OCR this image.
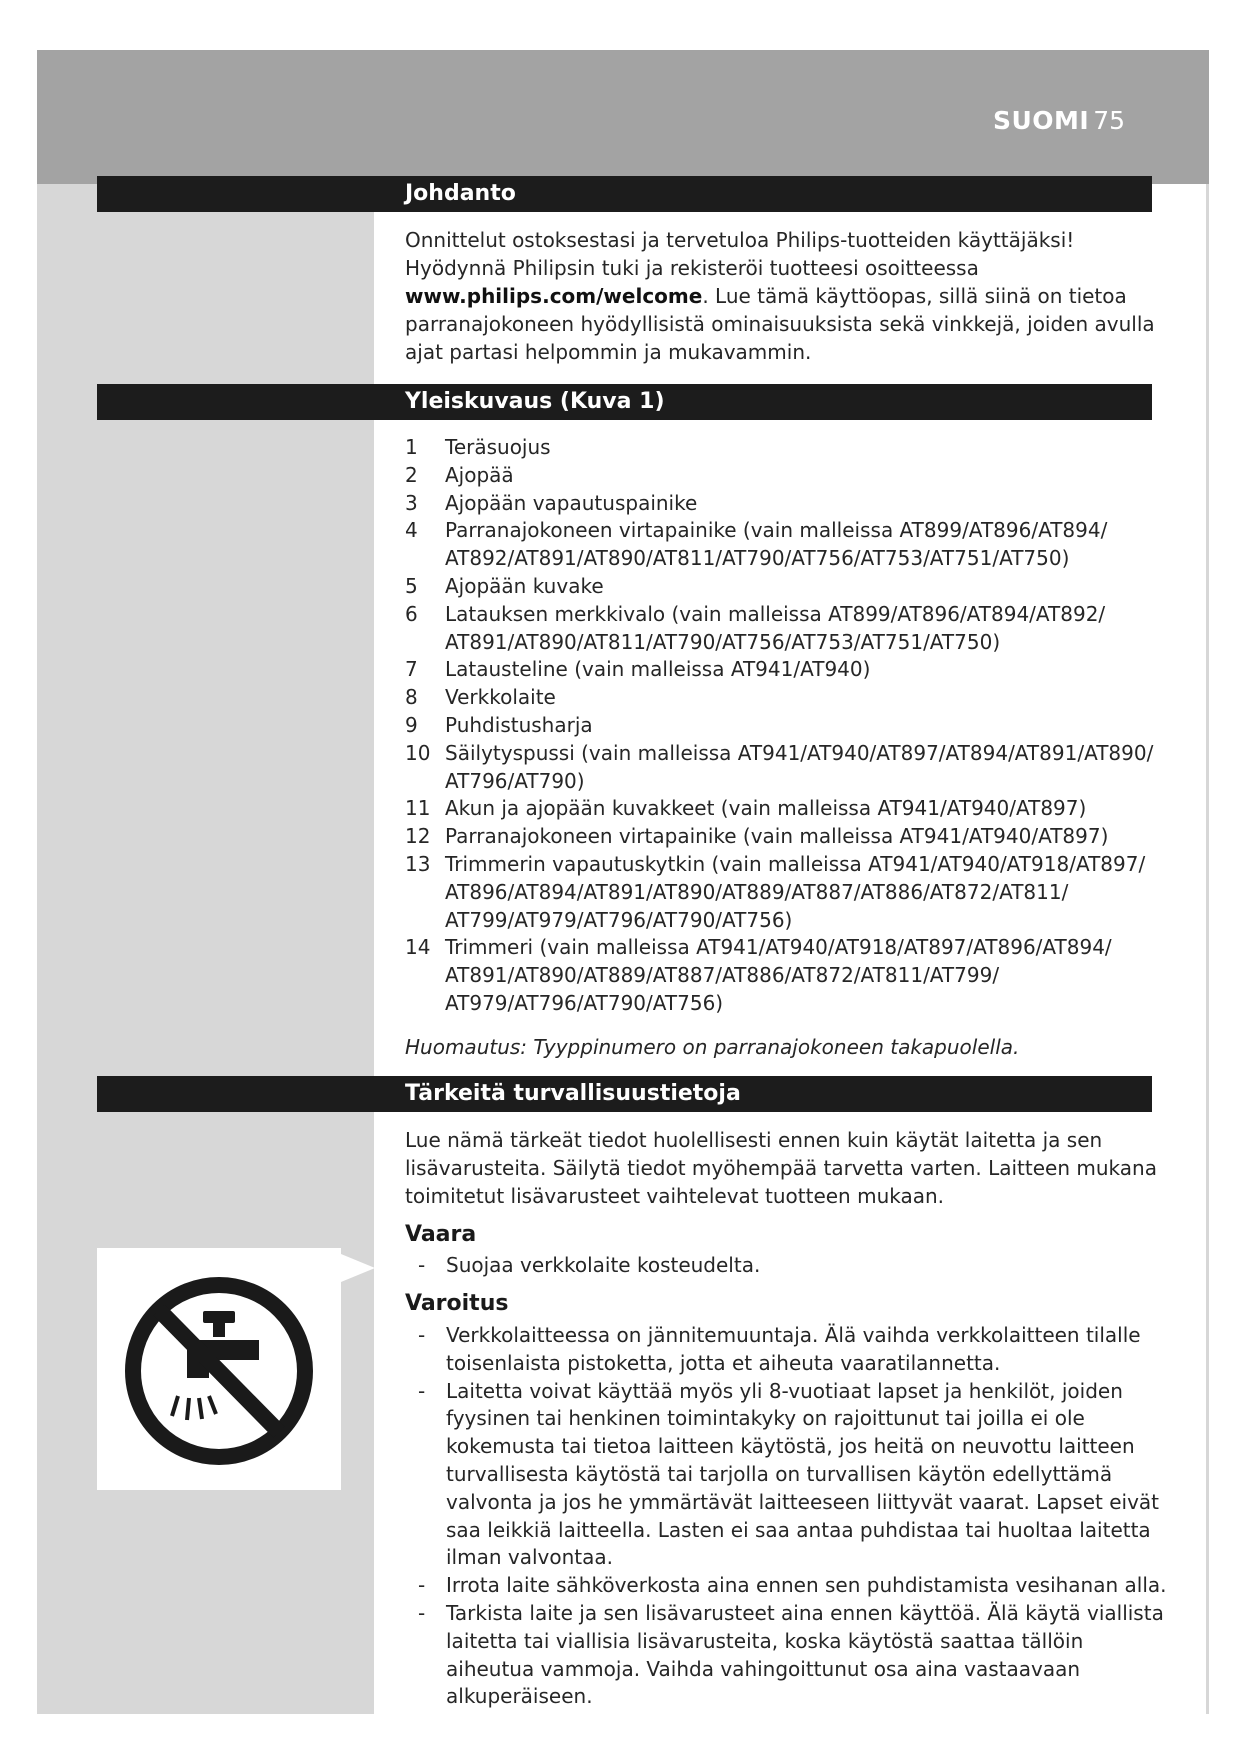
SUOMI 75
Johdanto

Onnittelut ostoksestasi ja tervetuloa Philips-tuotteiden käyttäjäksi!

Hyödynnä Philipsin tuki ja rekisteröi tuotteesi osoitteessa

www.philips.com/welcome. Lue tämä käyttöopas, sillä siinä on tietoa parranajokoneen hyödyllisistä ominaisuuksista sekä vinkkejä, joiden avulla ajat partasi helpommin ja mukavammin.

Yleiskuvaus (Kuva 1)
1 Teräsuojus
2 Ajopää
3 Ajopään vapautuspainike
4 Parranajokoneen virtapainike (vain malleissa AT899/AT896/AT894/ AT892/AT891/AT890/AT811/AT790/AT756/AT753/AT751/AT750)
5 Ajopään kuvake
6 Latauksen merkkivalo (vain malleissa AT899/AT896/AT894/AT892/ AT891/AT890/AT811/AT790/AT756/AT753/AT751/AT750)
7 Latausteline (vain malleissa AT941/AT940)
8 Verkkolaite
9 Puhdistusharja
10 Säilytyspussi (vain malleissa AT941/AT940/AT897/AT894/AT891/AT890/ AT796/AT790)
11 Akun ja ajopään kuvakkeet (vain malleissa AT941/AT940/AT897)
12 Parranajokoneen virtapainike (vain malleissa AT941/AT940/AT897)
13 Trimmerin vapautuskytkin (vain malleissa AT941/AT940/AT918/AT897/ AT896/AT894/AT891/AT890/AT889/AT887/AT886/AT872/AT811/ AT799/AT979/AT796/AT790/AT756)
14 Trimmeri (vain malleissa AT941/AT940/AT918/AT897/AT896/AT894/ AT891/AT890/AT889/AT887/AT886/AT872/AT811/AT799/ AT979/AT796/AT790/AT756)
Huomautus: Tyyppinumero on parranajokoneen takapuolella.
Tärkeitä turvallisuustietoja

Lue nämä tärkeät tiedot huolellisesti ennen kuin käytät laitetta ja sen lisävarusteita. Säilytä tiedot myöhempää tarvetta varten. Laitteen mukana toimitetut lisävarusteet vaihtelevat tuotteen mukaan.

Vaara
- Suojaa verkkolaite kosteudelta.
Varoitus
- Verkkolaitteessa on jännitemuuntaja. Älä vaihda verkkolaitteen tilalle toisenlaista pistoketta, jotta et aiheuta vaaratilannetta.
- Laitetta voivat käyttää myös yli 8-vuotiaat lapset ja henkilöt, joiden fyysinen tai henkinen toimintakyky on rajoittunut tai joilla ei ole kokemusta tai tietoa laitteen käytöstä, jos heitä on neuvottu laitteen turvallisesta käytöstä tai tarjolla on turvallisen käytön edellyttämä valvonta ja jos he ymmärtävät laitteeseen liittyvät vaarat. Lapset eivät saa leikkiä laitteella. Lasten ei saa antaa puhdistaa tai huoltaa laitetta ilman valvontaa.
- Irrota laite sähköverkosta aina ennen sen puhdistamista vesihanan alla.
- Tarkista laite ja sen lisävarusteet aina ennen käyttöä. Älä käytä viallista laitetta tai viallisia lisävarusteita, koska käytöstä saattaa tällöin aiheutua vammoja. Vaihda vahingoittunut osa aina vastaavaan alkuperäiseen.
